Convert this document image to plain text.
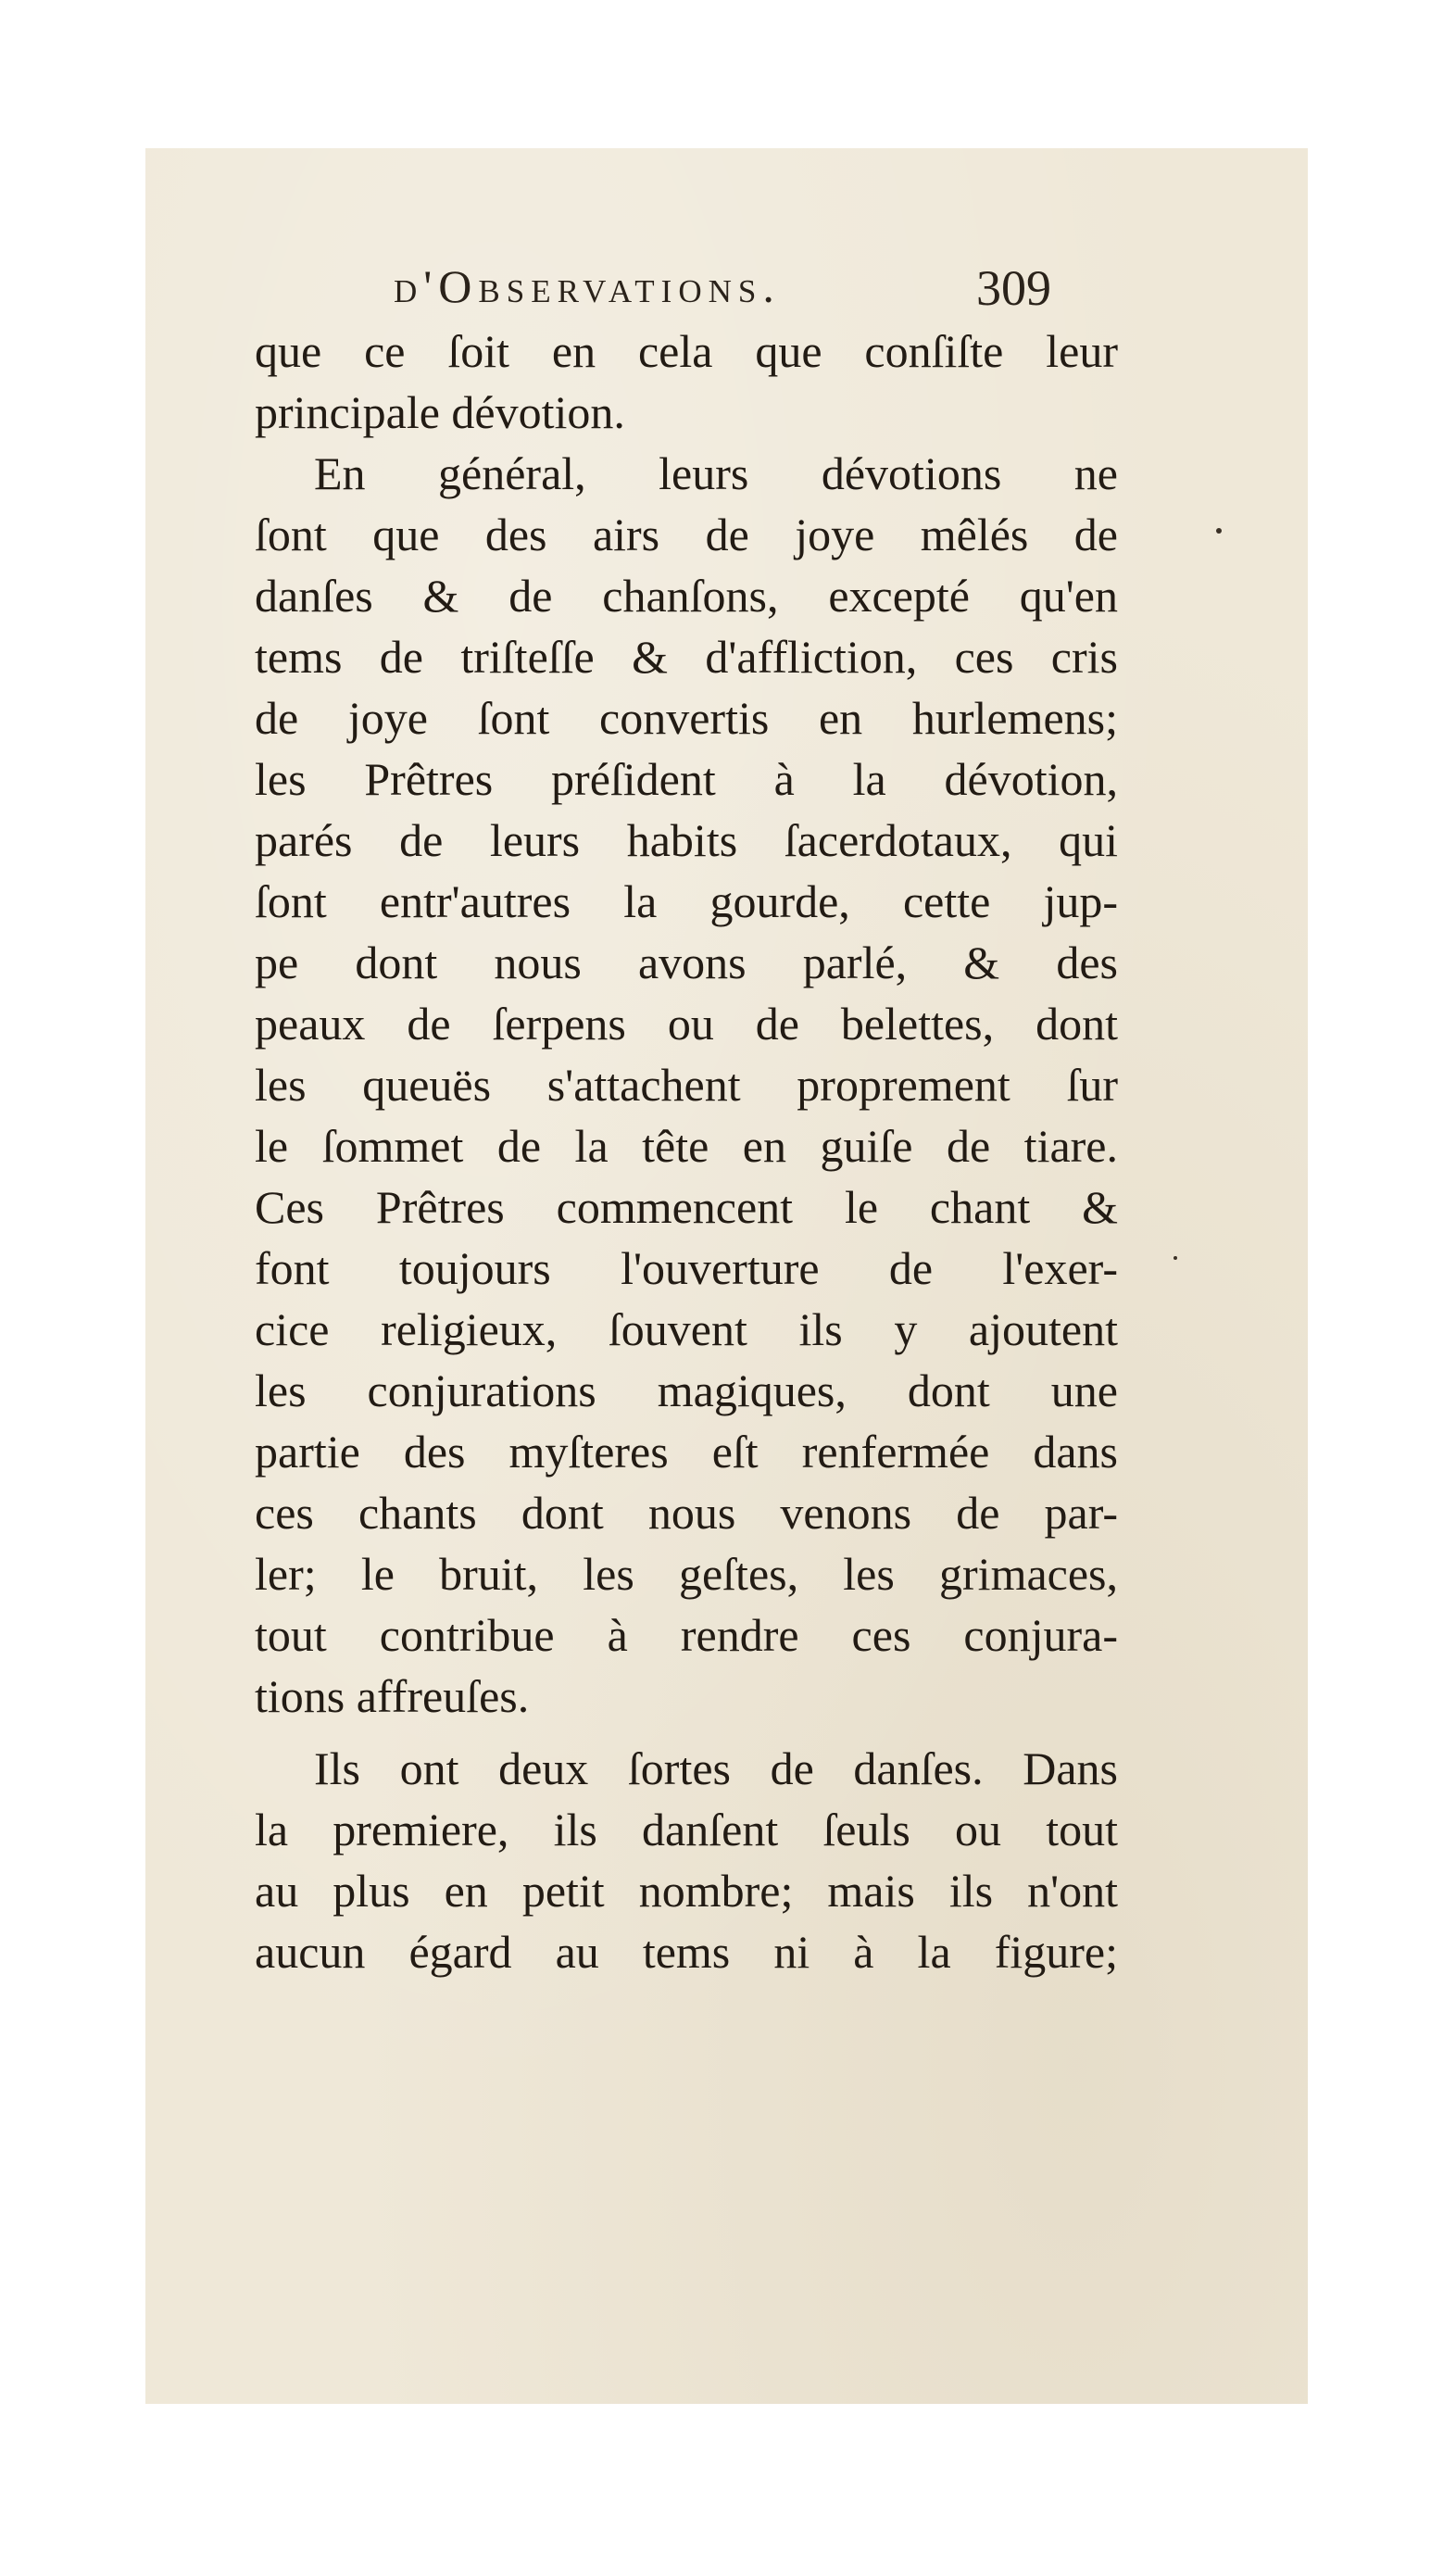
d'Observations.	309
que ce ſoit en cela que conſiſte leur
principale dévotion.
En général, leurs dévotions ne
ſont que des airs de joye mêlés de
danſes & de chanſons, excepté qu'en
tems de triſteſſe & d'affliction, ces cris
de joye ſont convertis en hurlemens;
les Prêtres préſident à la dévotion,
parés de leurs habits ſacerdotaux, qui
ſont entr'autres la gourde, cette jup-
pe dont nous avons parlé, & des
peaux de ſerpens ou de belettes, dont
les queuës s'attachent proprement ſur
le ſommet de la tête en guiſe de tiare.
Ces Prêtres commencent le chant &
font toujours l'ouverture de l'exer-
cice religieux, ſouvent ils y ajoutent
les conjurations magiques, dont une
partie des myſteres eſt renfermée dans
ces chants dont nous venons de par-
ler; le bruit, les geſtes, les grimaces,
tout contribue à rendre ces conjura-
tions affreuſes.
Ils ont deux ſortes de danſes. Dans
la premiere, ils danſent ſeuls ou tout
au plus en petit nombre; mais ils n'ont
aucun égard au tems ni à la figure;
